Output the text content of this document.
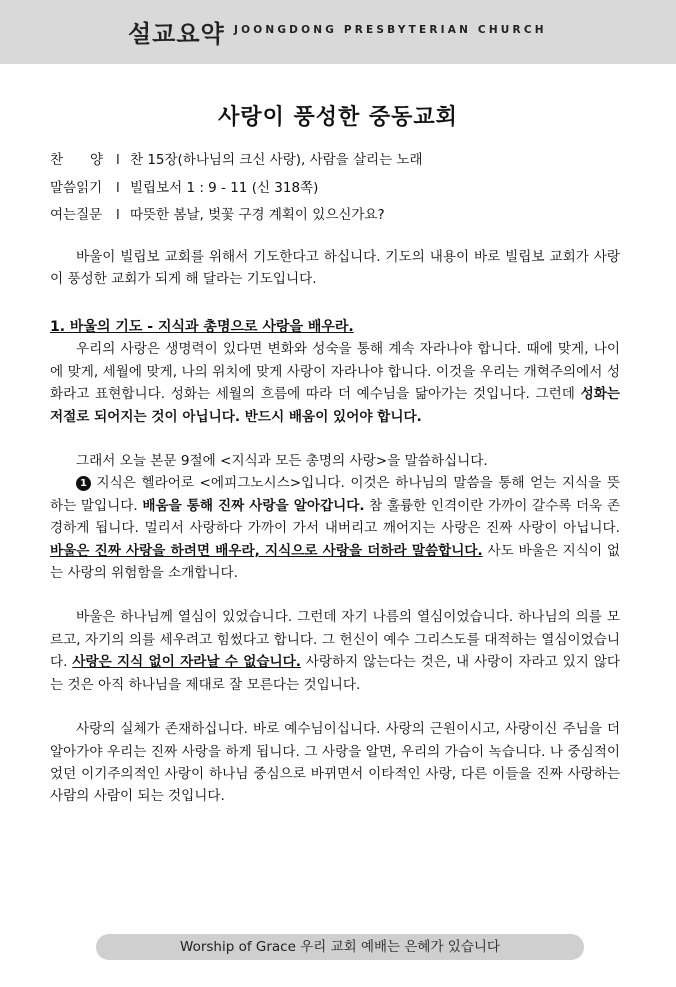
설교요약 JOONGDONG PRESBYTERIAN CHURCH
사랑이 풍성한 중동교회
찬　　양 l 찬 15장(하나님의 크신 사랑), 사람을 살리는 노래
말씀읽기 l 빌립보서 1 : 9 - 11 (신 318쪽)
여는질문 l 따뜻한 봄날, 벚꽃 구경 계획이 있으신가요?

바울이 빌립보 교회를 위해서 기도한다고 하십니다. 기도의 내용이 바로 빌립보 교회가 사랑이 풍성한 교회가 되게 해 달라는 기도입니다.

1. 바울의 기도 - 지식과 총명으로 사랑을 배우라.

우리의 사랑은 생명력이 있다면 변화와 성숙을 통해 계속 자라나야 합니다. 때에 맞게, 나이에 맞게, 세월에 맞게, 나의 위치에 맞게 사랑이 자라나야 합니다. 이것을 우리는 개혁주의에서 성화라고 표현합니다. 성화는 세월의 흐름에 따라 더 예수님을 닮아가는 것입니다. 그런데 성화는 저절로 되어지는 것이 아닙니다. 반드시 배움이 있어야 합니다.

그래서 오늘 본문 9절에 <지식과 모든 총명의 사랑>을 말씀하십니다.

1 지식은 헬라어로 <에피그노시스>입니다. 이것은 하나님의 말씀을 통해 얻는 지식을 뜻하는 말입니다. 배움을 통해 진짜 사랑을 알아갑니다. 참 훌륭한 인격이란 가까이 갈수록 더욱 존경하게 됩니다. 멀리서 사랑하다 가까이 가서 내버리고 깨어지는 사랑은 진짜 사랑이 아닙니다. 바울은 진짜 사랑을 하려면 배우라, 지식으로 사랑을 더하라 말씀합니다. 사도 바울은 지식이 없는 사랑의 위험함을 소개합니다.

바울은 하나님께 열심이 있었습니다. 그런데 자기 나름의 열심이었습니다. 하나님의 의를 모르고, 자기의 의를 세우려고 힘썼다고 합니다. 그 헌신이 예수 그리스도를 대적하는 열심이었습니다. 사랑은 지식 없이 자라날 수 없습니다. 사랑하지 않는다는 것은, 내 사랑이 자라고 있지 않다는 것은 아직 하나님을 제대로 잘 모른다는 것입니다.

사랑의 실체가 존재하십니다. 바로 예수님이십니다. 사랑의 근원이시고, 사랑이신 주님을 더 알아가야 우리는 진짜 사랑을 하게 됩니다. 그 사랑을 알면, 우리의 가슴이 녹습니다. 나 중심적이었던 이기주의적인 사랑이 하나님 중심으로 바뀌면서 이타적인 사랑, 다른 이들을 진짜 사랑하는 사람의 사람이 되는 것입니다.

Worship of Grace 우리 교회 예배는 은혜가 있습니다
